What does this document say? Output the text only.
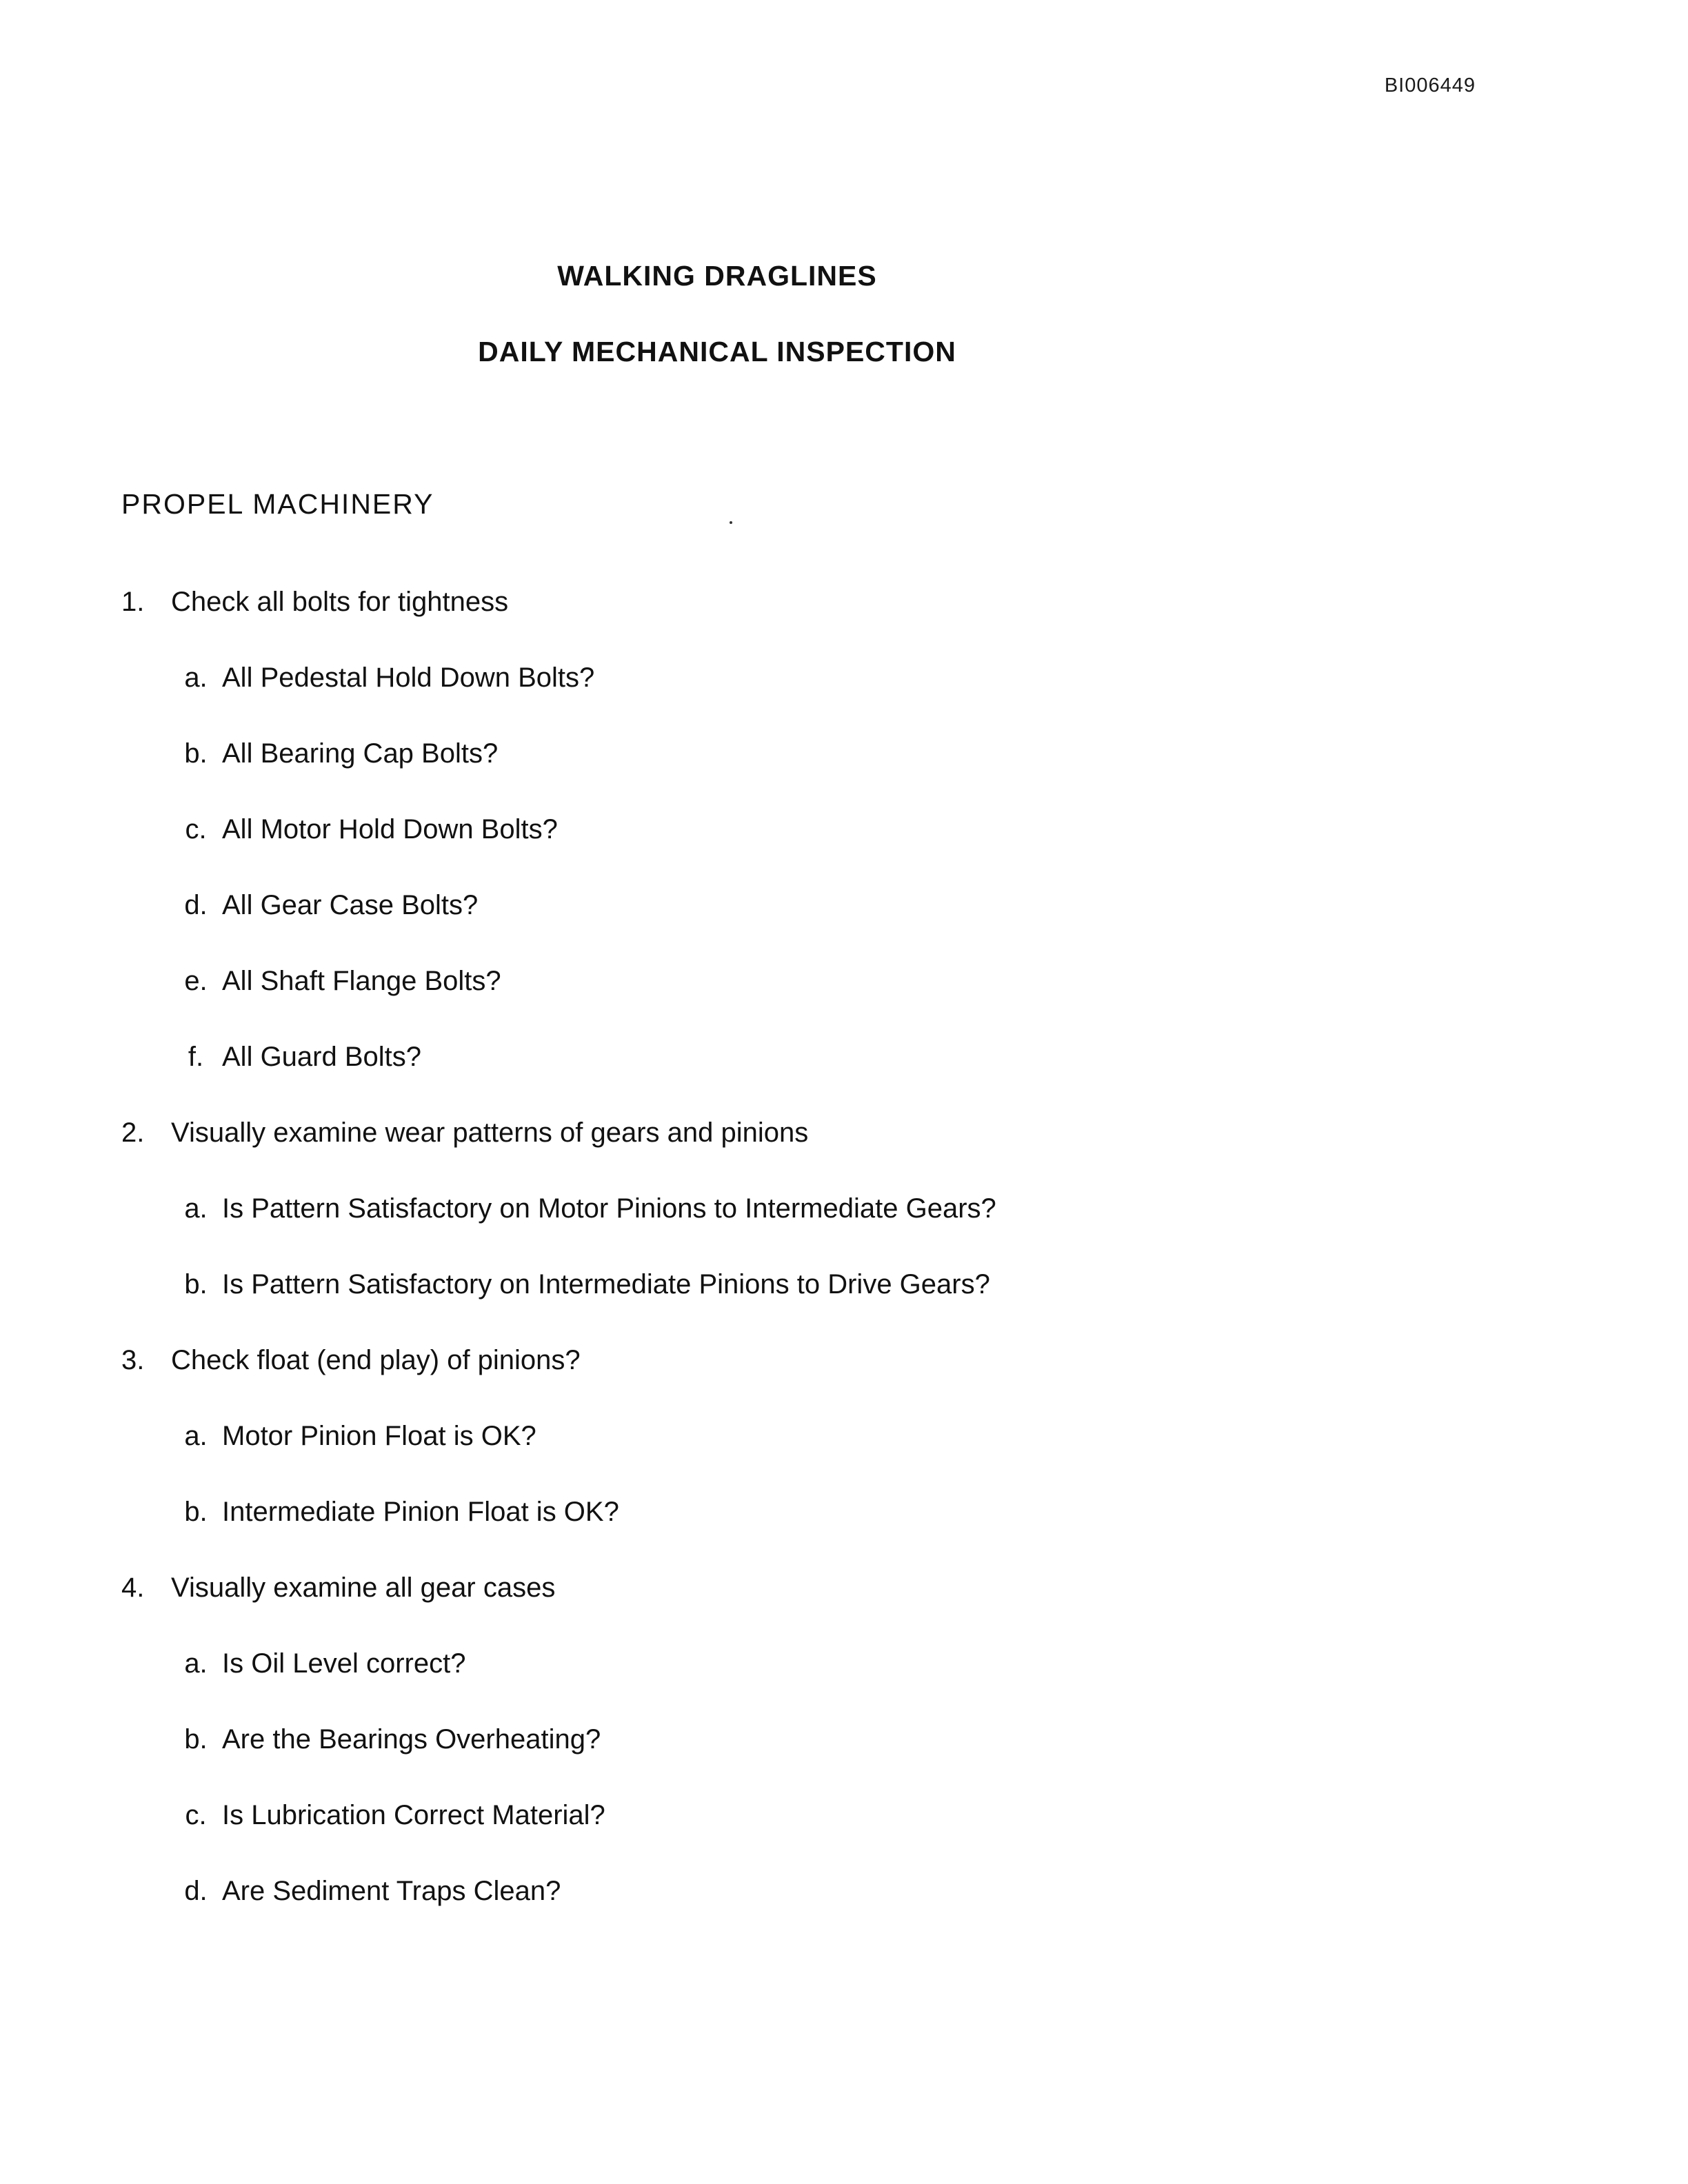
BI006449
WALKING DRAGLINES
DAILY MECHANICAL INSPECTION
PROPEL MACHINERY
1. Check all bolts for tightness
a. All Pedestal Hold Down Bolts?
b. All Bearing Cap Bolts?
c. All Motor Hold Down Bolts?
d. All Gear Case Bolts?
e. All Shaft Flange Bolts?
f. All Guard Bolts?
2. Visually examine wear patterns of gears and pinions
a. Is Pattern Satisfactory on Motor Pinions to Intermediate Gears?
b. Is Pattern Satisfactory on Intermediate Pinions to Drive Gears?
3. Check float (end play) of pinions?
a. Motor Pinion Float is OK?
b. Intermediate Pinion Float is OK?
4. Visually examine all gear cases
a. Is Oil Level correct?
b. Are the Bearings Overheating?
c. Is Lubrication Correct Material?
d. Are Sediment Traps Clean?
